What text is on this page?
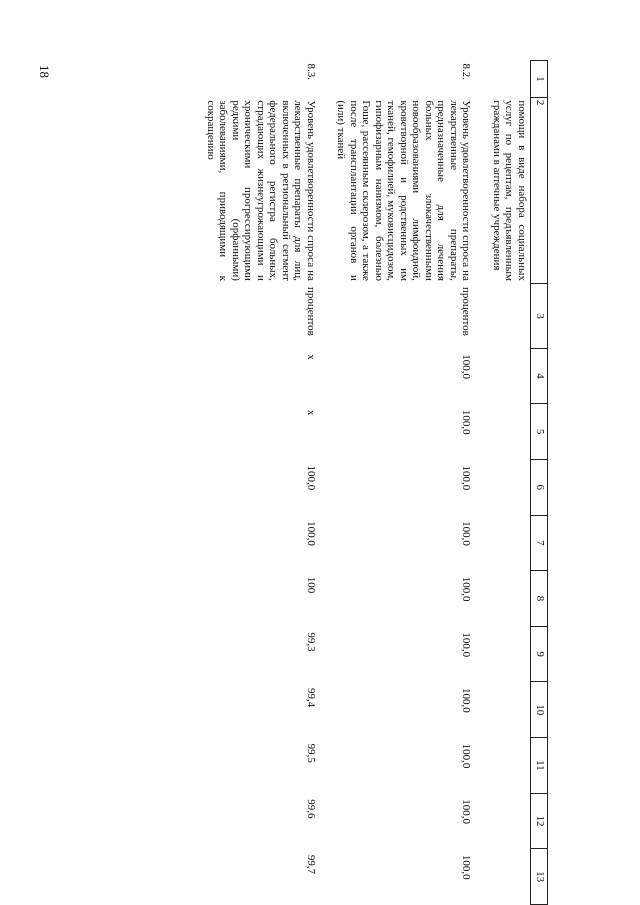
18
1	2	3	4	5	6	7	8	9	10	11	12	13
	помощи в виде набора социальных услуг по рецептам, предъявленным гражданами в аптечные учреждения											

8.2.	Уровень удовлетворенности спроса на лекарственные препараты, предназначенные для лечения больных злокачественными новообразованиями лимфоидной, кроветворной и родственных им тканей, гемофилией, муковисцидозом, гипофизарным нанизмом, болезнью Гоше, рассеянным склерозом, а также после трансплантации органов и (или) тканей	процентов	100,0	100,0	100,0	100,0	100,0	100,0	100,0	100,0	100,0	100,0

8.3.	Уровень удовлетворенности спроса на лекарственные препараты для лиц, включенных в региональный сегмент федерального регистра больных, страдающих жизнеугрожающими и хроническими прогрессирующими редкими (орфанными) заболеваниями, приводящими к сокращению	процентов	x	x	100,0	100,0	100	99,3	99,4	99,5	99,6	99,7
